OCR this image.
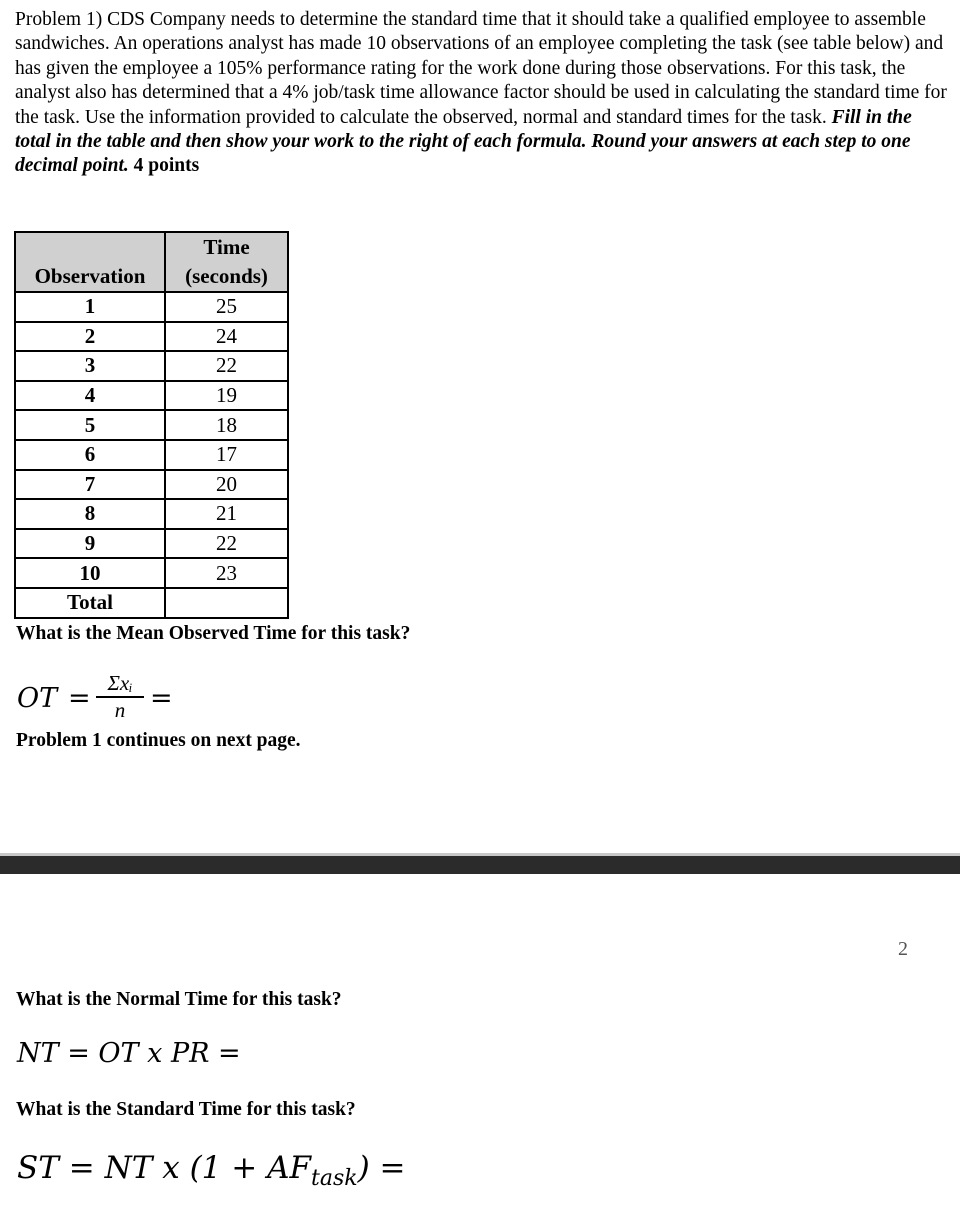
Problem 1) CDS Company needs to determine the standard time that it should take a qualified employee to assemble sandwiches. An operations analyst has made 10 observations of an employee completing the task (see table below) and has given the employee a 105% performance rating for the work done during those observations. For this task, the analyst also has determined that a 4% job/task time allowance factor should be used in calculating the standard time for the task. Use the information provided to calculate the observed, normal and standard times for the task. Fill in the total in the table and then show your work to the right of each formula. Round your answers at each step to one decimal point. 4 points
Observation	Time
(seconds)

1	25
2	24
3	22
4	19
5	18
6	17
7	20
8	21
9	22
10	23
Total	
What is the Mean Observed Time for this task?
OT = Σxᵢ
n =
Problem 1 continues on next page.
2
What is the Normal Time for this task?
NT = OT x PR =
What is the Standard Time for this task?
ST = NT x $(1 + AF_{task})$ =
